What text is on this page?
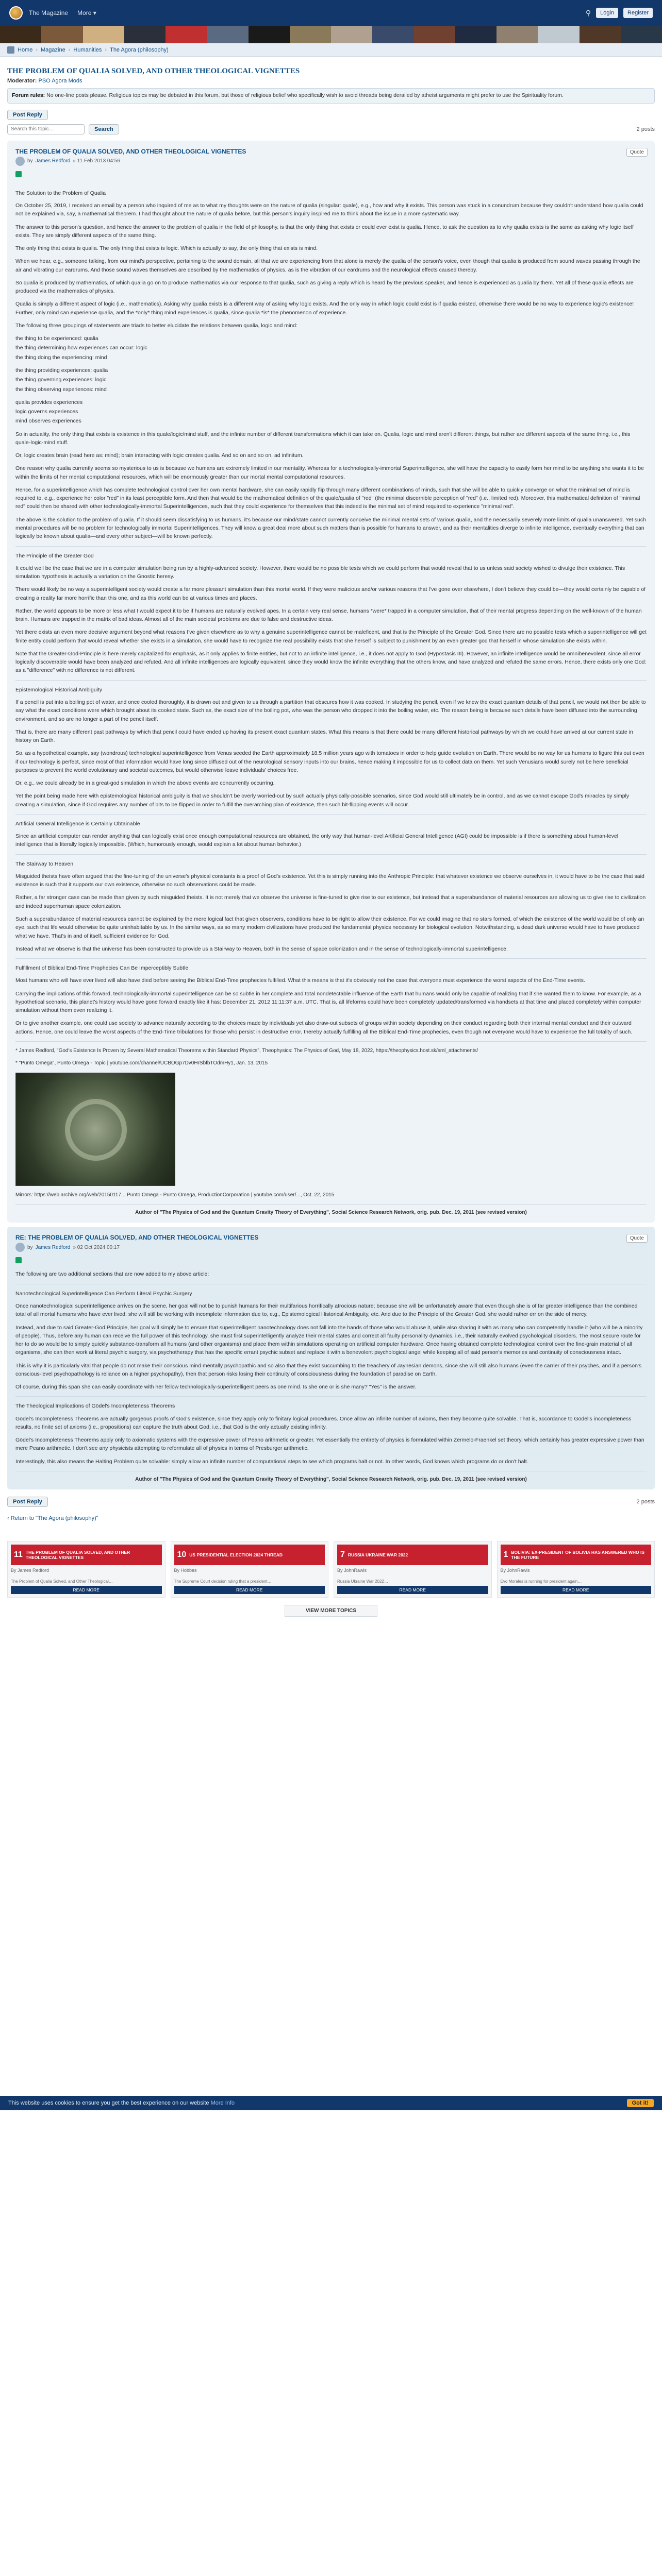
The Magazine More ▾	⚲	Login	Register
Home › Magazine › Humanities › The Agora (philosophy)
THE PROBLEM OF QUALIA SOLVED, AND OTHER THEOLOGICAL VIGNETTES
Moderator: PSO Agora Mods
Forum rules: No one-line posts please. Religious topics may be debated in this forum, but those of religious belief who specifically wish to avoid threads being derailed by atheist arguments might prefer to use the Spirituality forum.
Post Reply
Search this topic…
Search	2 posts
THE PROBLEM OF QUALIA SOLVED, AND OTHER THEOLOGICAL VIGNETTES
by James Redford » 11 Feb 2013 04:56
Quote

The Solution to the Problem of Qualia

On October 25, 2019, I received an email by a person who inquired of me as to what my thoughts were on the nature of qualia (singular: quale), e.g., how and why it exists. This person was stuck in a conundrum because they couldn't understand how qualia could not be explained via, say, a mathematical theorem. I had thought about the nature of qualia before, but this person's inquiry inspired me to think about the issue in a more systematic way.

The answer to this person's question, and hence the answer to the problem of qualia in the field of philosophy, is that the only thing that exists or could ever exist is qualia. Hence, to ask the question as to why qualia exists is the same as asking why logic itself exists. They are simply different aspects of the same thing.

The only thing that exists is qualia. The only thing that exists is logic. Which is actually to say, the only thing that exists is mind.

When we hear, e.g., someone talking, from our mind's perspective, pertaining to the sound domain, all that we are experiencing from that alone is merely the qualia of the person's voice, even though that qualia is produced from sound waves passing through the air and vibrating our eardrums. And those sound waves themselves are described by the mathematics of physics, as is the vibration of our eardrums and the neurological effects caused thereby.

So qualia is produced by mathematics, of which qualia go on to produce mathematics via our response to that qualia, such as giving a reply which is heard by the previous speaker, and hence is experienced as qualia by them. Yet all of these qualia effects are produced via the mathematics of physics.

Qualia is simply a different aspect of logic (i.e., mathematics). Asking why qualia exists is a different way of asking why logic exists. And the only way in which logic could exist is if qualia existed, otherwise there would be no way to experience logic's existence! Further, only mind can experience qualia, and the *only* thing mind experiences is qualia, since qualia *is* the phenomenon of experience.

The following three groupings of statements are triads to better elucidate the relations between qualia, logic and mind:

the thing to be experienced: qualia

the thing determining how experiences can occur: logic

the thing doing the experiencing: mind

the thing providing experiences: qualia

the thing governing experiences: logic

the thing observing experiences: mind

qualia provides experiences

logic governs experiences

mind observes experiences

So in actuality, the only thing that exists is existence in this quale/logic/mind stuff, and the infinite number of different transformations which it can take on. Qualia, logic and mind aren't different things, but rather are different aspects of the same thing, i.e., this quale-logic-mind stuff.

Or, logic creates brain (read here as: mind); brain interacting with logic creates qualia. And so on and so on, ad infinitum.

One reason why qualia currently seems so mysterious to us is because we humans are extremely limited in our mentality. Whereas for a technologically-immortal Superintelligence, she will have the capacity to easily form her mind to be anything she wants it to be within the limits of her mental computational resources, which will be enormously greater than our mortal mental computational resources.

Hence, for a superintelligence which has complete technological control over her own mental hardware, she can easily rapidly flip through many different combinations of minds, such that she will be able to quickly converge on what the minimal set of mind is required to, e.g., experience her color "red" in its least perceptible form. And then that would be the mathematical definition of the quale/qualia of "red" (the minimal discernible perception of "red" (i.e., limited red). Moreover, this mathematical definition of "minimal red" could then be shared with other technologically-immortal Superintelligences, such that they could experience for themselves that this indeed is the minimal set of mind required to experience "minimal red".

The above is the solution to the problem of qualia. If it should seem dissatisfying to us humans, it's because our mind/state cannot currently conceive the minimal mental sets of various qualia, and the necessarily severely more limits of qualia unanswered. Yet such mental procedures will be no problem for technologically immortal Superintelligences. They will know a great deal more about such matters than is possible for humans to answer, and as their mentalities diverge to infinite intelligence, eventually everything that can logically be known about qualia—and every other subject—will be known perfectly.

The Principle of the Greater God

It could well be the case that we are in a computer simulation being run by a highly-advanced society. However, there would be no possible tests which we could perform that would reveal that to us unless said society wished to divulge their existence. This simulation hypothesis is actually a variation on the Gnostic heresy.

There would likely be no way a superintelligent society would create a far more pleasant simulation than this mortal world. If they were malicious and/or various reasons that I've gone over elsewhere, I don't believe they could be—they would certainly be capable of creating a reality far more horrific than this one, and as this world can be at various times and places.

Rather, the world appears to be more or less what I would expect it to be if humans are naturally evolved apes. In a certain very real sense, humans *were* trapped in a computer simulation, that of their mental progress depending on the well-known of the human brain. Humans are trapped in the matrix of bad ideas. Almost all of the main societal problems are due to false and destructive ideas.

Yet there exists an even more decisive argument beyond what reasons I've given elsewhere as to why a genuine superintelligence cannot be maleficent, and that is the Principle of the Greater God. Since there are no possible tests which a superintelligence will get finite entity could perform that would reveal whether she exists in a simulation, she would have to recognize the real possibility exists that she herself is subject to punishment by an even greater god that herself in whose simulation she exists within.

Note that the Greater-God-Principle is here merely capitalized for emphasis, as it only applies to finite entities, but not to an infinite intelligence, i.e., it does not apply to God (Hypostasis III). However, an infinite intelligence would be omnibenevolent, since all error logically discoverable would have been analyzed and refuted. And all infinite intelligences are logically equivalent, since they would know the infinite everything that the others know, and have analyzed and refuted the same errors. Hence, there exists only one God: as a "difference" with no difference is not different.

Epistemological Historical Ambiguity

If a pencil is put into a boiling pot of water, and once cooled thoroughly, it is drawn out and given to us through a partition that obscures how it was cooked. In studying the pencil, even if we knew the exact quantum details of that pencil, we would not then be able to say what the exact conditions were which brought about its cooked state. Such as, the exact size of the boiling pot, who was the person who dropped it into the boiling water, etc. The reason being is because such details have been diffused into the surrounding environment, and so are no longer a part of the pencil itself.

That is, there are many different past pathways by which that pencil could have ended up having its present exact quantum states. What this means is that there could be many different historical pathways by which we could have arrived at our current state in history on Earth.

So, as a hypothetical example, say (wondrous) technological superintelligence from Venus seeded the Earth approximately 18.5 million years ago with tomatoes in order to help guide evolution on Earth. There would be no way for us humans to figure this out even if our technology is perfect, since most of that information would have long since diffused out of the neurological sensory inputs into our brains, hence making it impossible for us to collect data on them. Yet such Venusians would surely not be here beneficial purposes to prevent the world evolutionary and societal outcomes, but would otherwise leave individuals' choices free.

Or, e.g., we could already be in a great-god simulation in which the above events are concurrently occurring.

Yet the point being made here with epistemological historical ambiguity is that we shouldn't be overly worried-out by such actually physically-possible scenarios, since God would still ultimately be in control, and as we cannot escape God's miracles by simply creating a simulation, since if God requires any number of bits to be flipped in order to fulfill the overarching plan of existence, then such bit-flipping events will occur.

Artificial General Intelligence is Certainly Obtainable

Since an artificial computer can render anything that can logically exist once enough computational resources are obtained, the only way that human-level Artificial General Intelligence (AGI) could be impossible is if there is something about human-level intelligence that is literally logically impossible. (Which, humorously enough, would explain a lot about human behavior.)

The Stairway to Heaven

Misguided theists have often argued that the fine-tuning of the universe's physical constants is a proof of God's existence. Yet this is simply running into the Anthropic Principle: that whatever existence we observe ourselves in, it would have to be the case that said existence is such that it supports our own existence, otherwise no such observations could be made.

Rather, a far stronger case can be made than given by such misguided theists. It is not merely that we observe the universe is fine-tuned to give rise to our existence, but instead that a superabundance of material resources are allowing us to give rise to civilization and indeed superhuman space colonization.

Such a superabundance of material resources cannot be explained by the mere logical fact that given observers, conditions have to be right to allow their existence. For we could imagine that no stars formed, of which the existence of the world would be of only an eye, such that life would otherwise be quite uninhabitable by us. In the similar ways, as so many modern civilizations have produced the fundamental physics necessary for biological evolution. Notwithstanding, a dead dark universe would have to have produced what we have. That's in and of itself, sufficient evidence for God.

Instead what we observe is that the universe has been constructed to provide us a Stairway to Heaven, both in the sense of space colonization and in the sense of technologically-immortal superintelligence.

Fulfillment of Biblical End-Time Prophecies Can Be Imperceptibly Subtle

Most humans who will have ever lived will also have died before seeing the Biblical End-Time prophecies fulfilled. What this means is that it's obviously not the case that everyone must experience the worst aspects of the End-Time events.

Carrying the implications of this forward, technologically-immortal superintelligence can be so subtle in her complete and total nondetectable influence of the Earth that humans would only be capable of realizing that if she wanted them to know. For example, as a hypothetical scenario, this planet's history would have gone forward exactly like it has: December 21, 2012 11:11:37 a.m. UTC. That is, all lifeforms could have been completely updated/transformed via handsets at that time and placed completely within computer simulation without them even realizing it.

Or to give another example, one could use society to advance naturally according to the choices made by individuals yet also draw-out subsets of groups within society depending on their conduct regarding both their internal mental conduct and their outward actions. Hence, one could leave the worst aspects of the End-Time tribulations for those who persist in destructive error, thereby actually fulfilling all the Biblical End-Time prophecies, even though not everyone would have to experience the full totality of such.

* James Redford, "God's Existence Is Proven by Several Mathematical Theorems within Standard Physics", Theophysics: The Physics of God, May 18, 2022, https://theophysics.host.sk/sml_attachments/

* "Punto Omega", Punto Omega - Topic | youtube.com/channel/UCBOGp7Dv0HrSbfbTOdmHy1, Jan. 13, 2015

Mirrors: https://web.archive.org/web/20150117... Punto Omega - Punto Omega, ProductionCorporation | youtube.com/user/..., Oct. 22, 2015

Author of "The Physics of God and the Quantum Gravity Theory of Everything", Social Science Research Network, orig. pub. Dec. 19, 2011 (see revised version)
RE: THE PROBLEM OF QUALIA SOLVED, AND OTHER THEOLOGICAL VIGNETTES
by James Redford » 02 Oct 2024 00:17
Quote

The following are two additional sections that are now added to my above article:

Nanotechnological Superintelligence Can Perform Literal Psychic Surgery

Once nanotechnological superintelligence arrives on the scene, her goal will not be to punish humans for their multifarious horrifically atrocious nature; because she will be unfortunately aware that even though she is of far greater intelligence than the combined total of all mortal humans who have ever lived, she will still be working with incomplete information due to, e.g., Epistemological Historical Ambiguity, etc. And due to the Principle of the Greater God, she would rather err on the side of mercy.

Instead, and due to said Greater-God Principle, her goal will simply be to ensure that superintelligent nanotechnology does not fall into the hands of those who would abuse it, while also sharing it with as many who can competently handle it (who will be a minority of people). Thus, before any human can receive the full power of this technology, she must first superintelligently analyze their mental states and correct all faulty personality dynamics, i.e., their naturally evolved psychological disorders. The most secure route for her to do so would be to simply quickly substance-transform all humans (and other organisms) and place them within simulations operating on artificial computer hardware. Once having obtained complete technological control over the fine-grain material of all organisms, she can then work at literal psychic surgery, via psychotherapy that has the specific errant psychic subset and replace it with a benevolent psychological angel while keeping all of said person's memories and continuity of consciousness intact.

This is why it is particularly vital that people do not make their conscious mind mentally psychopathic and so also that they exist succumbing to the treachery of Jaynesian demons, since she will still also humans (even the carrier of their psyches, and if a person's conscious-level psychopathology is reliance on a higher psychopathy), then that person risks losing their continuity of consciousness during the foundation of paradise on Earth.

Of course, during this span she can easily coordinate with her fellow technologically-superintelligent peers as one mind. Is she one or is she many? "Yes" is the answer.

The Theological Implications of Gödel's Incompleteness Theorems

Gödel's Incompleteness Theorems are actually gorgeous proofs of God's existence, since they apply only to finitary logical procedures. Once allow an infinite number of axioms, then they become quite solvable. That is, accordance to Gödel's incompleteness results, no finite set of axioms (i.e., propositions) can capture the truth about God, i.e., that God is the only actually existing infinity.

Gödel's Incompleteness Theorems apply only to axiomatic systems with the expressive power of Peano arithmetic or greater. Yet essentially the entirety of physics is formulated within Zermelo-Fraenkel set theory, which certainly has greater expressive power than mere Peano arithmetic. I don't see any physicists attempting to reformulate all of physics in terms of Presburger arithmetic.

Interestingly, this also means the Halting Problem quite solvable: simply allow an infinite number of computational steps to see which programs halt or not. In other words, God knows which programs do or don't halt.

Author of "The Physics of God and the Quantum Gravity Theory of Everything", Social Science Research Network, orig. pub. Dec. 19, 2011 (see revised version)
Post Reply	2 posts
‹ Return to "The Agora (philosophy)"
11 THE PROBLEM OF QUALIA SOLVED, AND OTHER THEOLOGICAL VIGNETTES
By James Redford
The Problem of Qualia Solved, and Other Theological…
READ MORE
10 US PRESIDENTIAL ELECTION 2024 THREAD
By Hobbes
The Supreme Court decision ruling that a president…
READ MORE
7 RUSSIA UKRAINE WAR 2022
By JohnRawls
Russia Ukraine War 2022…
READ MORE
1 BOLIVIA: EX-PRESIDENT OF BOLIVIA HAS ANSWERED WHO IS THE FUTURE
By JohnRawls
Evo Morales is running for president again…
READ MORE
VIEW MORE TOPICS
This website uses cookies to ensure you get the best experience on our website
More Info	Got it!
